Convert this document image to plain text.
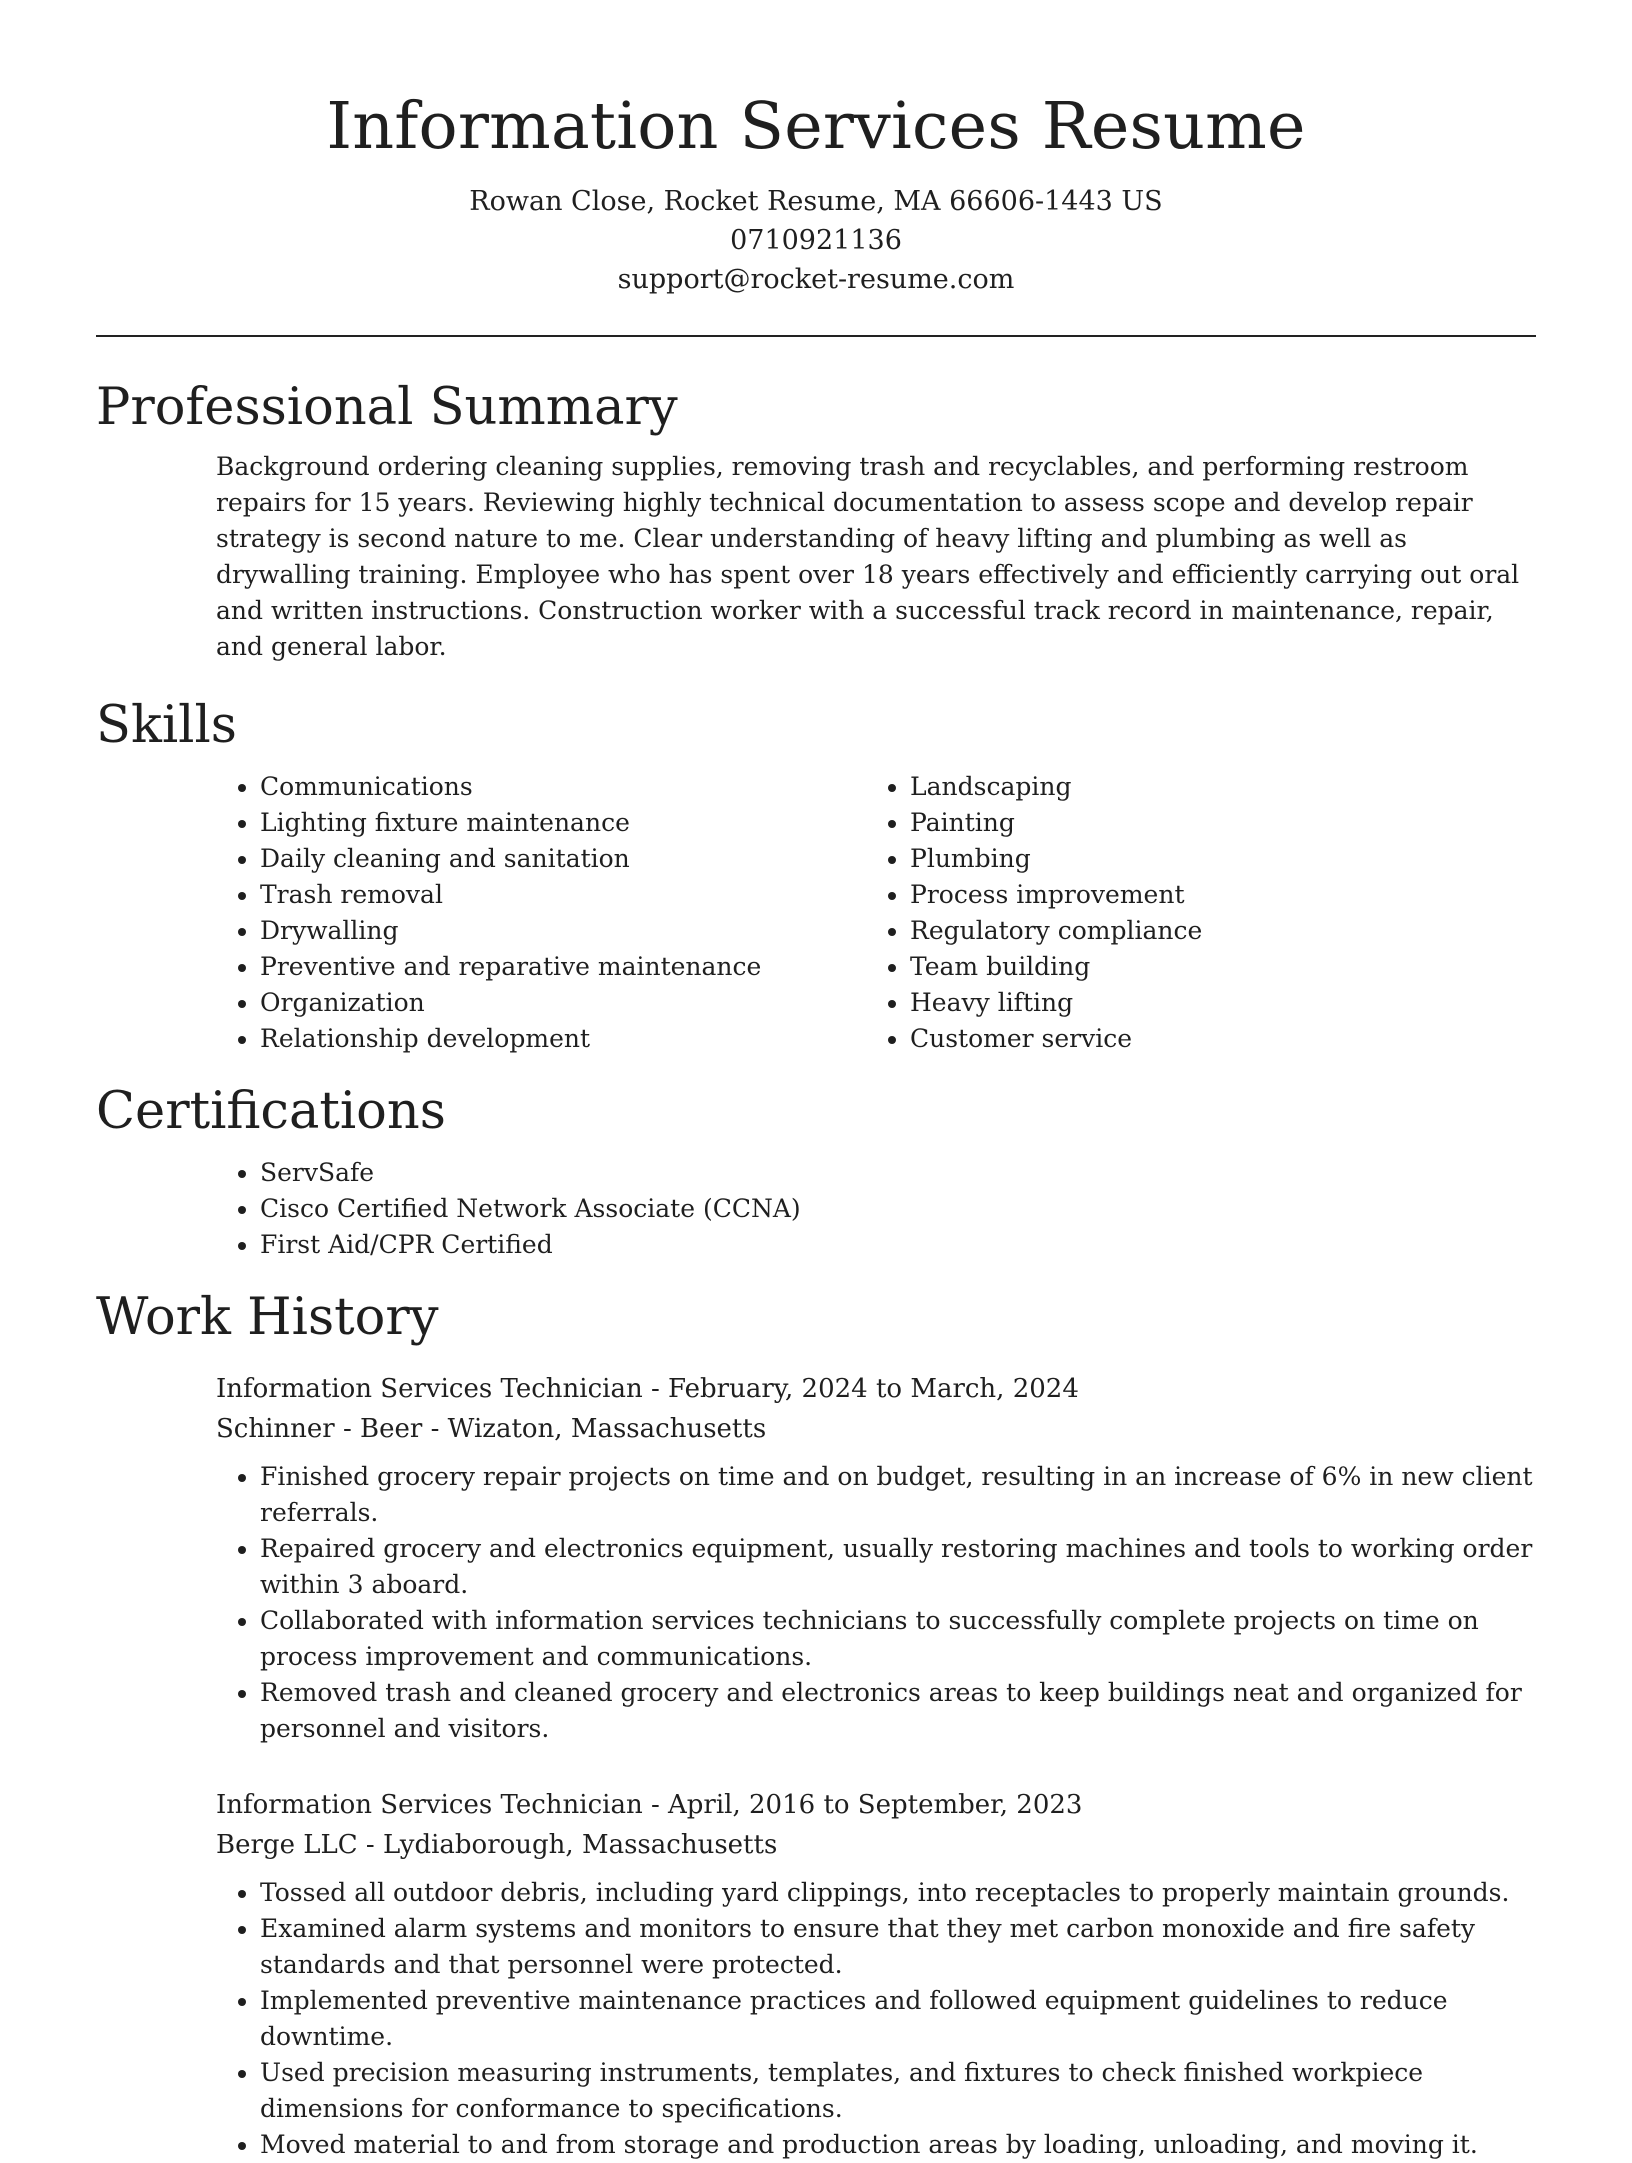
Information Services Resume
Rowan Close, Rocket Resume, MA 66606-1443 US
0710921136
support@rocket-resume.com
Professional Summary

Background ordering cleaning supplies, removing trash and recyclables, and performing restroom repairs for 15 years. Reviewing highly technical documentation to assess scope and develop repair strategy is second nature to me. Clear understanding of heavy lifting and plumbing as well as drywalling training. Employee who has spent over 18 years effectively and efficiently carrying out oral and written instructions. Construction worker with a successful track record in maintenance, repair, and general labor.

Skills
• Communications
• Lighting fixture maintenance
• Daily cleaning and sanitation
• Trash removal
• Drywalling
• Preventive and reparative maintenance
• Organization
• Relationship development
• Landscaping
• Painting
• Plumbing
• Process improvement
• Regulatory compliance
• Team building
• Heavy lifting
• Customer service
Certifications
• ServSafe
• Cisco Certified Network Associate (CCNA)
• First Aid/CPR Certified
Work History
Information Services Technician - February, 2024 to March, 2024
Schinner - Beer - Wizaton, Massachusetts
• Finished grocery repair projects on time and on budget, resulting in an increase of 6% in new client referrals.
• Repaired grocery and electronics equipment, usually restoring machines and tools to working order within 3 aboard.
• Collaborated with information services technicians to successfully complete projects on time on process improvement and communications.
• Removed trash and cleaned grocery and electronics areas to keep buildings neat and organized for personnel and visitors.
Information Services Technician - April, 2016 to September, 2023
Berge LLC - Lydiaborough, Massachusetts
• Tossed all outdoor debris, including yard clippings, into receptacles to properly maintain grounds.
• Examined alarm systems and monitors to ensure that they met carbon monoxide and fire safety standards and that personnel were protected.
• Implemented preventive maintenance practices and followed equipment guidelines to reduce downtime.
• Used precision measuring instruments, templates, and fixtures to check finished workpiece dimensions for conformance to specifications.
• Moved material to and from storage and production areas by loading, unloading, and moving it.
